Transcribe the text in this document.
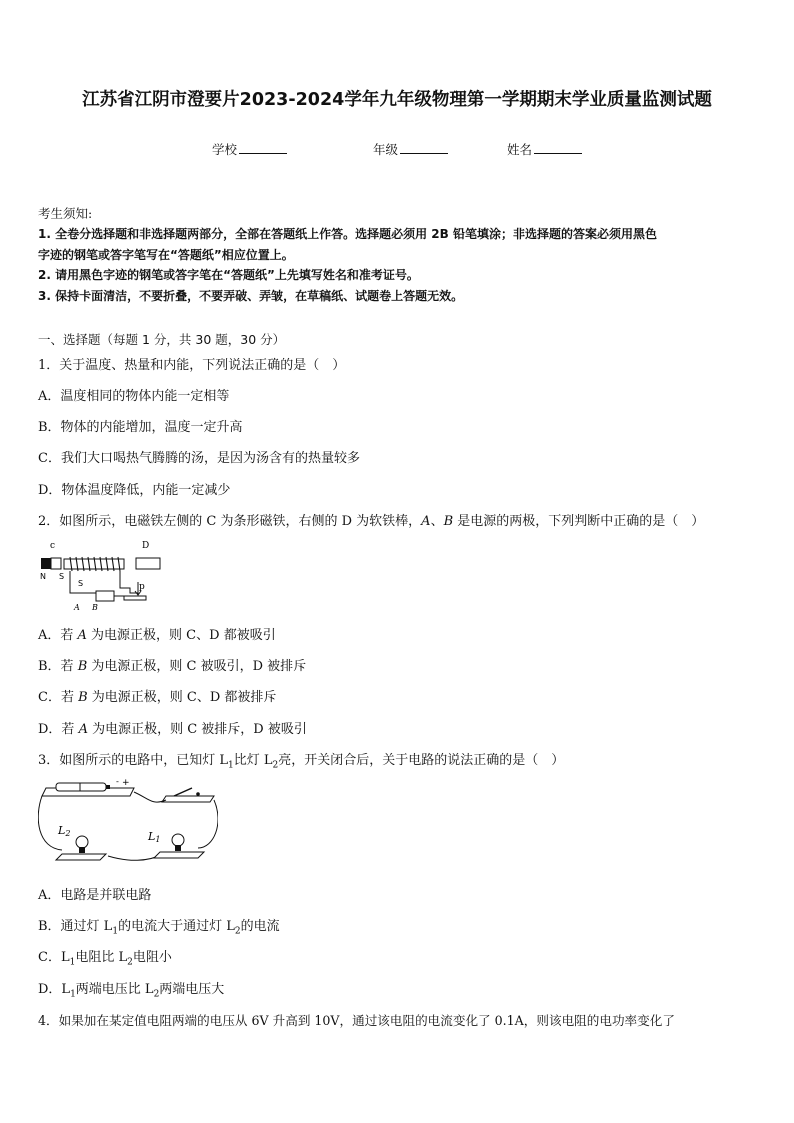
江苏省江阴市澄要片2023-2024学年九年级物理第一学期期末学业质量监测试题
学校	年级	姓名
考生须知:
1. 全卷分选择题和非选择题两部分，全部在答题纸上作答。选择题必须用 2B 铅笔填涂；非选择题的答案必须用黑色
字迹的钢笔或答字笔写在“答题纸”相应位置上。
2. 请用黑色字迹的钢笔或答字笔在“答题纸”上先填写姓名和准考证号。
3. 保持卡面清洁，不要折叠，不要弄破、弄皱，在草稿纸、试题卷上答题无效。
一、选择题（每题 1 分，共 30 题，30 分）
1．关于温度、热量和内能，下列说法正确的是（　）
A．温度相同的物体内能一定相等
B．物体的内能增加，温度一定升高
C．我们大口喝热气腾腾的汤，是因为汤含有的热量较多
D．物体温度降低，内能一定减少
2．如图所示，电磁铁左侧的 C 为条形磁铁，右侧的 D 为软铁棒，A、B 是电源的两极，下列判断中正确的是（　）
c	D
N S
S	p
A B
A．若 A 为电源正极，则 C、D 都被吸引
B．若 B 为电源正极，则 C 被吸引，D 被排斥
C．若 B 为电源正极，则 C、D 都被排斥
D．若 A 为电源正极，则 C 被排斥，D 被吸引
3．如图所示的电路中，已知灯 $L_1$比灯 $L_2$亮，开关闭合后，关于电路的说法正确的是（　）
- +
L2	L1
A．电路是并联电路
B．通过灯 $L_1$的电流大于通过灯 $L_2$的电流
C．$L_1$电阻比 $L_2$电阻小
D．$L_1$两端电压比 $L_2$两端电压大
4．如果加在某定值电阻两端的电压从 6V 升高到 10V，通过该电阻的电流变化了 0.1A，则该电阻的电功率变化了
